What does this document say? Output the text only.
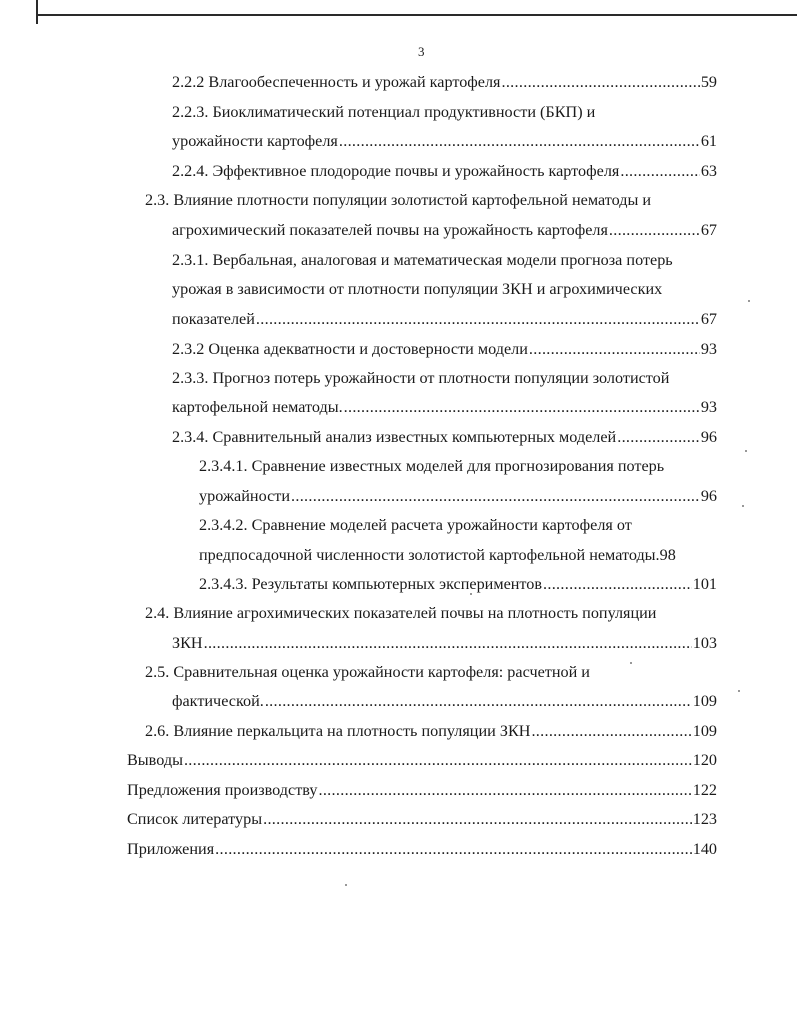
3
2.2.2 Влагообеспеченность и урожай картофеля .....	59
2.2.3. Биоклиматический потенциал продуктивности (БКП) и
урожайности картофеля .....	61
2.2.4. Эффективное плодородие почвы и урожайность картофеля .....	63
2.3. Влияние плотности популяции золотистой картофельной нематоды и
агрохимический показателей почвы на урожайность картофеля .....	67
2.3.1. Вербальная, аналоговая и математическая модели прогноза потерь
урожая в зависимости от плотности популяции ЗКН и агрохимических
показателей .....	67
2.3.2 Оценка адекватности и достоверности модели .....	93
2.3.3. Прогноз потерь урожайности от плотности популяции золотистой
картофельной нематоды. .....	93
2.3.4. Сравнительный анализ известных компьютерных моделей .....	96
2.3.4.1. Сравнение известных моделей для прогнозирования потерь
урожайности .....	96
2.3.4.2. Сравнение моделей расчета урожайности картофеля от
предпосадочной численности золотистой картофельной нематоды.98
2.3.4.3. Результаты компьютерных экспериментов .....	101
2.4. Влияние агрохимических показателей почвы на плотность популяции
ЗКН .....	103
2.5. Сравнительная оценка урожайности картофеля: расчетной и
фактической. .....	109
2.6. Влияние перкальцита на плотность популяции ЗКН .....	109
Выводы .....	120
Предложения производству .....	122
Список литературы .....	123
Приложения .....	140
